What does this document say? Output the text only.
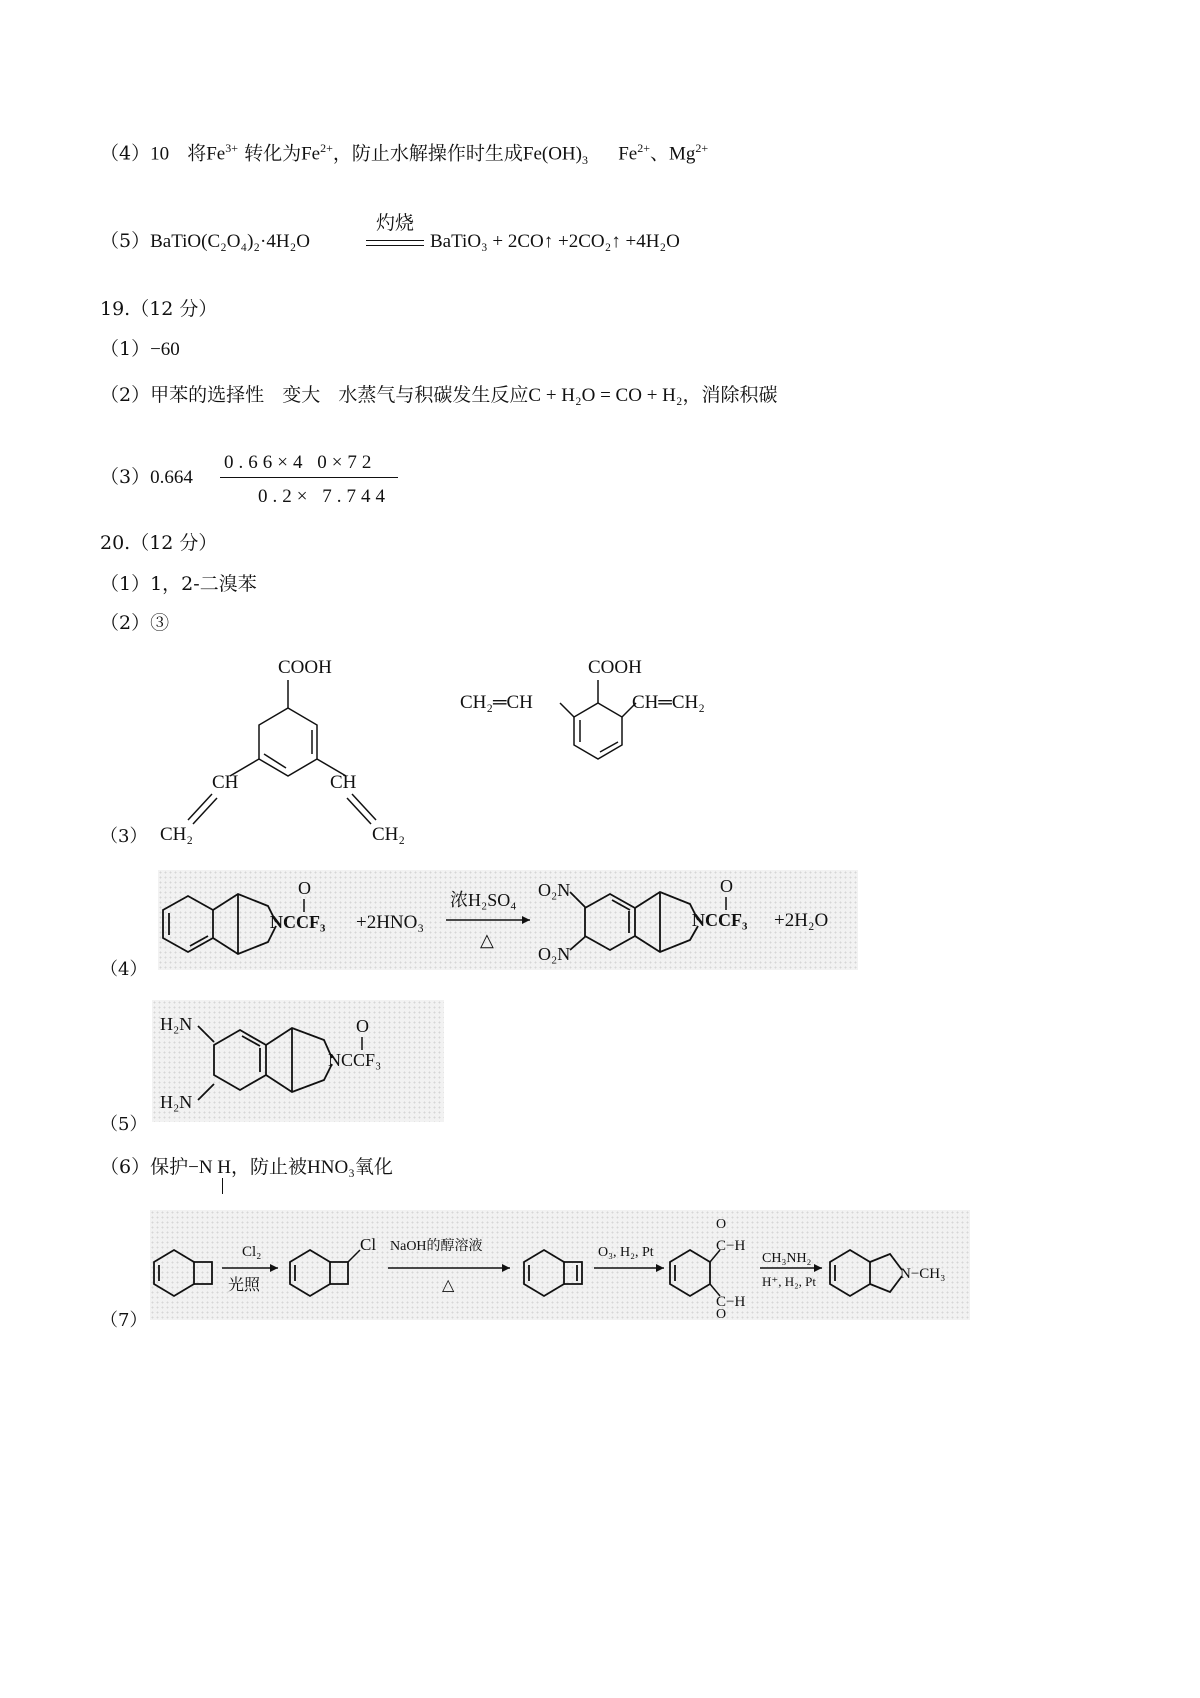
（4）10 将$Fe^{3+}$ 转化为$Fe^{2+}$，防止水解操作时生成$Fe(OH)_3$ $Fe^{2+}$、$Mg^{2+}$
（5）BaTiO(C₂O₄)₂·4H₂O
灼烧
BaTiO₃ + 2CO↑ +2CO₂↑ +4H₂O
19.（12 分）
（1）−60
（2）甲苯的选择性 变大 水蒸气与积碳发生反应C + H₂O = CO + H₂，消除积碳
（3）0.664
0.66×4 0×72
0.2× 7.744
20.（12 分）
（1）1，2-二溴苯
（2）③
（3）
COOH
CH	CH
CH₂	CH₂
COOH
CH₂═CH	CH═CH₂
（4）
NCCF₃
O
+2HNO₃
浓H₂SO₄
△
O₂N
O₂N
NCCF₃
O
+2H₂O
（5）
H₂N
H₂N
NCCF₃
O
（6）保护−N H，防止被HNO₃氧化
（7）
Cl₂
光照
Cl NaOH的醇溶液
△
O₃, H₂, Pt	C−H
C−H
O
O
CH₃NH₂
H⁺, H₂, Pt	N−CH₃
